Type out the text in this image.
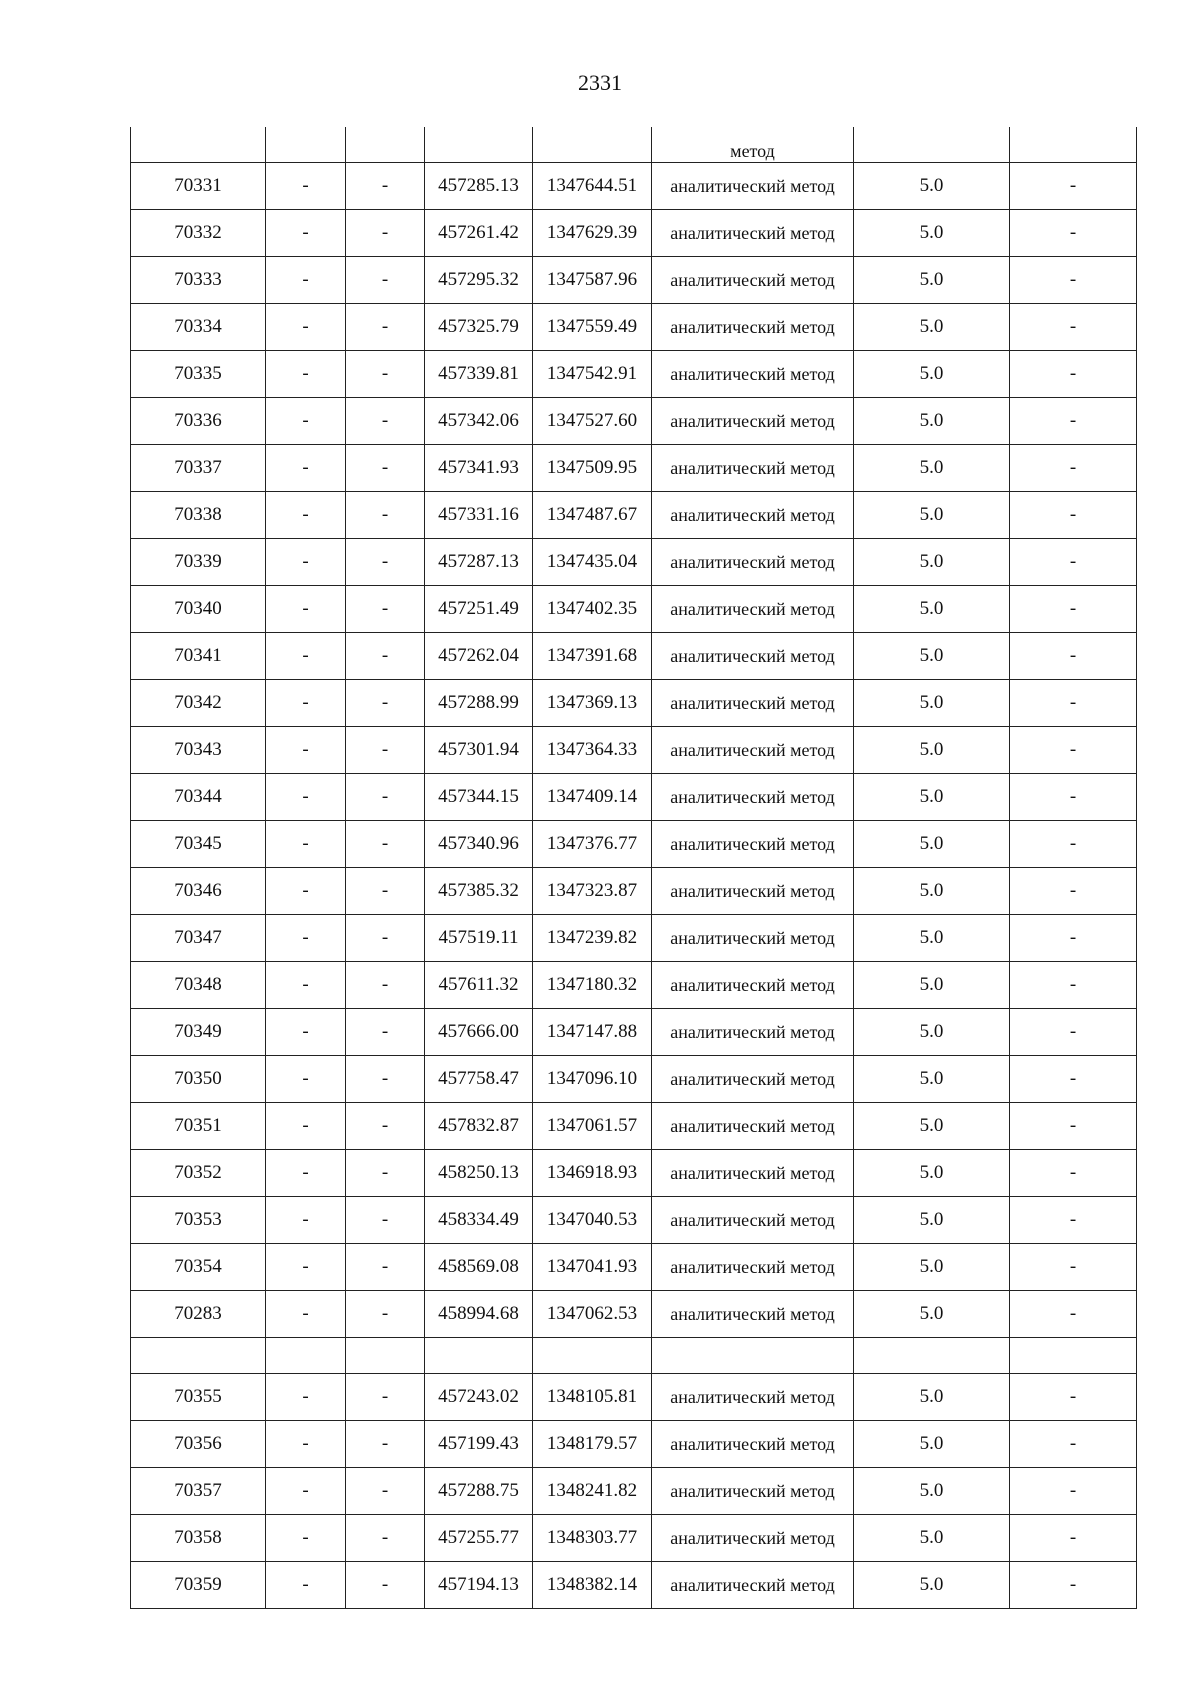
2331
					метод		
70331	-	-	457285.13	1347644.51	аналитический метод	5.0	-
70332	-	-	457261.42	1347629.39	аналитический метод	5.0	-
70333	-	-	457295.32	1347587.96	аналитический метод	5.0	-
70334	-	-	457325.79	1347559.49	аналитический метод	5.0	-
70335	-	-	457339.81	1347542.91	аналитический метод	5.0	-
70336	-	-	457342.06	1347527.60	аналитический метод	5.0	-
70337	-	-	457341.93	1347509.95	аналитический метод	5.0	-
70338	-	-	457331.16	1347487.67	аналитический метод	5.0	-
70339	-	-	457287.13	1347435.04	аналитический метод	5.0	-
70340	-	-	457251.49	1347402.35	аналитический метод	5.0	-
70341	-	-	457262.04	1347391.68	аналитический метод	5.0	-
70342	-	-	457288.99	1347369.13	аналитический метод	5.0	-
70343	-	-	457301.94	1347364.33	аналитический метод	5.0	-
70344	-	-	457344.15	1347409.14	аналитический метод	5.0	-
70345	-	-	457340.96	1347376.77	аналитический метод	5.0	-
70346	-	-	457385.32	1347323.87	аналитический метод	5.0	-
70347	-	-	457519.11	1347239.82	аналитический метод	5.0	-
70348	-	-	457611.32	1347180.32	аналитический метод	5.0	-
70349	-	-	457666.00	1347147.88	аналитический метод	5.0	-
70350	-	-	457758.47	1347096.10	аналитический метод	5.0	-
70351	-	-	457832.87	1347061.57	аналитический метод	5.0	-
70352	-	-	458250.13	1346918.93	аналитический метод	5.0	-
70353	-	-	458334.49	1347040.53	аналитический метод	5.0	-
70354	-	-	458569.08	1347041.93	аналитический метод	5.0	-
70283	-	-	458994.68	1347062.53	аналитический метод	5.0	-

70355	-	-	457243.02	1348105.81	аналитический метод	5.0	-
70356	-	-	457199.43	1348179.57	аналитический метод	5.0	-
70357	-	-	457288.75	1348241.82	аналитический метод	5.0	-
70358	-	-	457255.77	1348303.77	аналитический метод	5.0	-
70359	-	-	457194.13	1348382.14	аналитический метод	5.0	-
